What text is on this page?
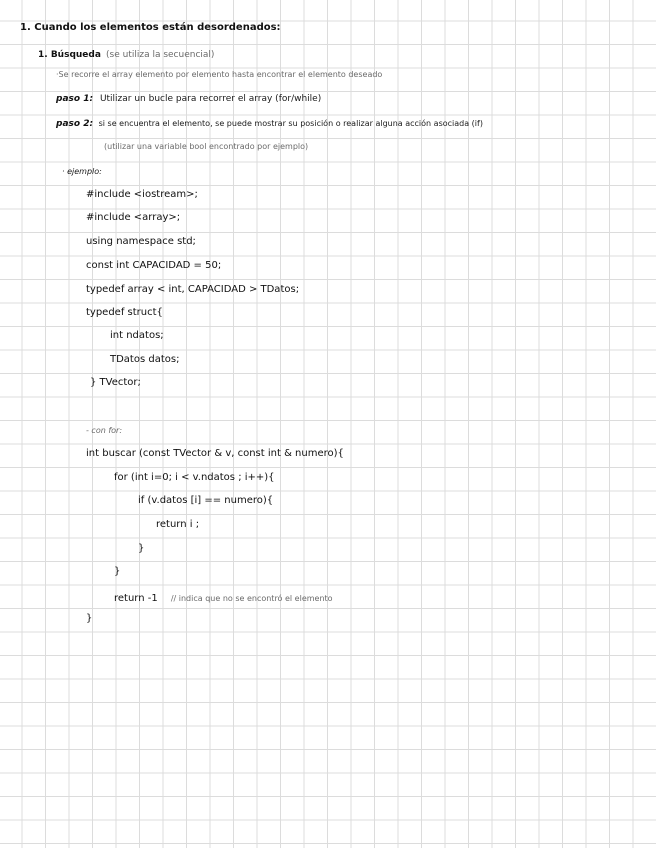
1. Cuando los elementos están desordenados:
1. Búsqueda (se utiliza la secuencial)
·Se recorre el array elemento por elemento hasta encontrar el elemento deseado
paso 1: Utilizar un bucle para recorrer el array (for/while)
paso 2: si se encuentra el elemento, se puede mostrar su posición o realizar alguna acción asociada (if)
(utilizar una variable bool encontrado por ejemplo)
· ejemplo:
#include <iostream>;
#include <array>;
using namespace std;
const int CAPACIDAD = 50;
typedef array < int, CAPACIDAD > TDatos;
typedef struct{
int ndatos;
TDatos datos;
} TVector;
- con for:
int buscar (const TVector & v, const int & numero){
for (int i=0; i < v.ndatos ; i++){
if (v.datos [i] == numero){
return i ;
}
}
return -1 // indica que no se encontró el elemento
}
